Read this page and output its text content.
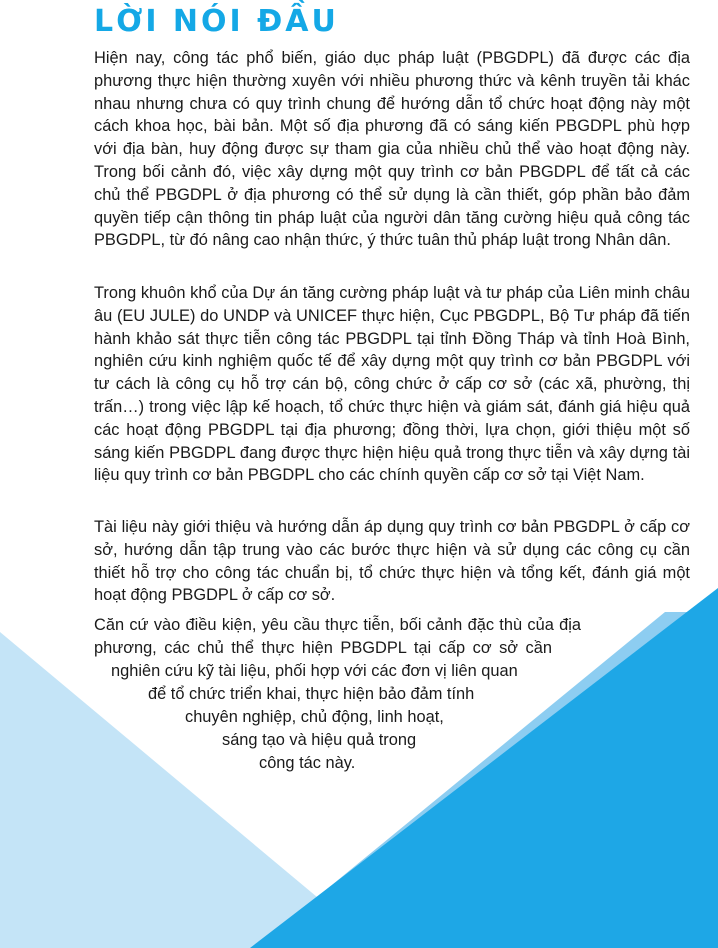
LỜI NÓI ĐẦU

Hiện nay, công tác phổ biến, giáo dục pháp luật (PBGDPL) đã được các địa phương thực hiện thường xuyên với nhiều phương thức và kênh truyền tải khác nhau nhưng chưa có quy trình chung để hướng dẫn tổ chức hoạt động này một cách khoa học, bài bản. Một số địa phương đã có sáng kiến PBGDPL phù hợp với địa bàn, huy động được sự tham gia của nhiều chủ thể vào hoạt động này. Trong bối cảnh đó, việc xây dựng một quy trình cơ bản PBGDPL để tất cả các chủ thể PBGDPL ở địa phương có thể sử dụng là cần thiết, góp phần bảo đảm quyền tiếp cận thông tin pháp luật của người dân tăng cường hiệu quả công tác PBGDPL, từ đó nâng cao nhận thức, ý thức tuân thủ pháp luật trong Nhân dân.

Trong khuôn khổ của Dự án tăng cường pháp luật và tư pháp của Liên minh châu âu (EU JULE) do UNDP và UNICEF thực hiện, Cục PBGDPL, Bộ Tư pháp đã tiến hành khảo sát thực tiễn công tác PBGDPL tại tỉnh Đồng Tháp và tỉnh Hoà Bình, nghiên cứu kinh nghiệm quốc tế để xây dựng một quy trình cơ bản PBGDPL với tư cách là công cụ hỗ trợ cán bộ, công chức ở cấp cơ sở (các xã, phường, thị trấn…) trong việc lập kế hoạch, tổ chức thực hiện và giám sát, đánh giá hiệu quả các hoạt động PBGDPL tại địa phương; đồng thời, lựa chọn, giới thiệu một số sáng kiến PBGDPL đang được thực hiện hiệu quả trong thực tiễn và xây dựng tài liệu quy trình cơ bản PBGDPL cho các chính quyền cấp cơ sở tại Việt Nam.

Tài liệu này giới thiệu và hướng dẫn áp dụng quy trình cơ bản PBGDPL ở cấp cơ sở, hướng dẫn tập trung vào các bước thực hiện và sử dụng các công cụ cần thiết hỗ trợ cho công tác chuẩn bị, tổ chức thực hiện và tổng kết, đánh giá một hoạt động PBGDPL ở cấp cơ sở.

Căn cứ vào điều kiện, yêu cầu thực tiễn, bối cảnh đặc thù của địa

phương, các chủ thể thực hiện PBGDPL tại cấp cơ sở cần

nghiên cứu kỹ tài liệu, phối hợp với các đơn vị liên quan

để tổ chức triển khai, thực hiện bảo đảm tính

chuyên nghiệp, chủ động, linh hoạt,

sáng tạo và hiệu quả trong

công tác này.
